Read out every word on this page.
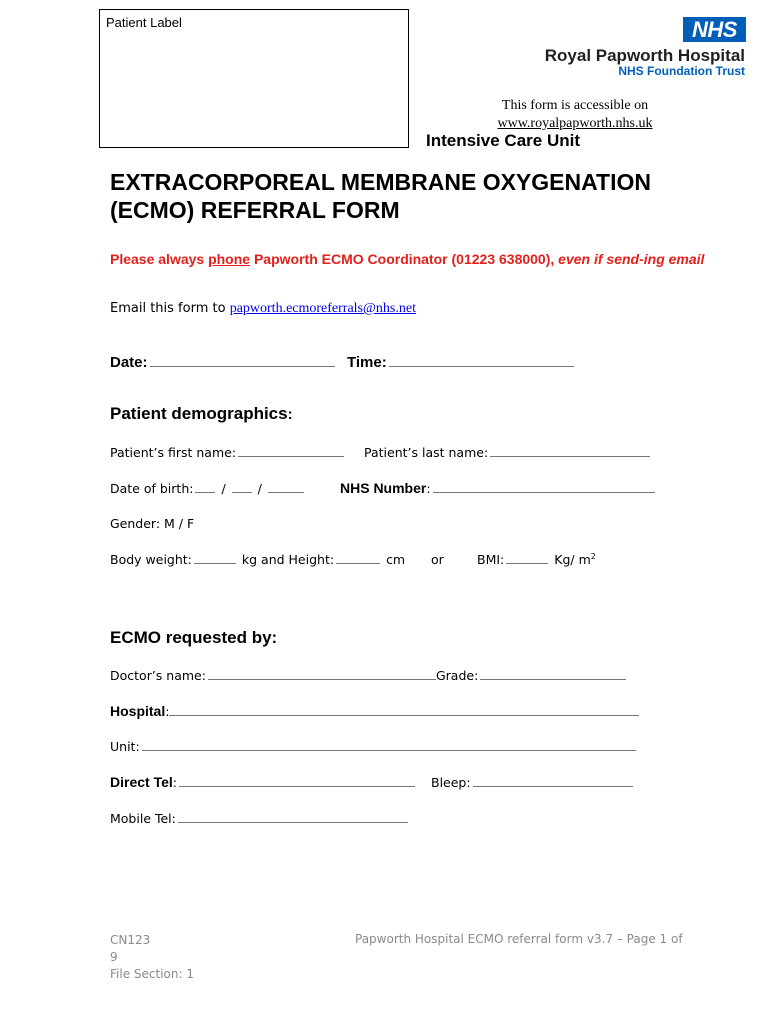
Patient Label	NHS
Royal Papworth Hospital
NHS Foundation Trust
This form is accessible on
www.royalpapworth.nhs.uk
Intensive Care Unit
EXTRACORPOREAL MEMBRANE OXYGENATION
(ECMO) REFERRAL FORM
Please always phone Papworth ECMO Coordinator (01223 638000), even if send-ing email
Email this form to papworth.ecmoreferrals@nhs.net
Date:	Time:
Patient demographics:
Patient’s first name:	Patient’s last name:
Date of birth: /	/	NHS Number:
Gender: M / F
Body weight:	kg and Height:	cm or	BMI:	Kg/ $m^2$
ECMO requested by:
Doctor’s name:	Grade:
Hospital:
Unit:
Direct Tel:	Bleep:
Mobile Tel:
CN123
9
File Section: 1
Papworth Hospital ECMO referral form v3.7 – Page 1 of
